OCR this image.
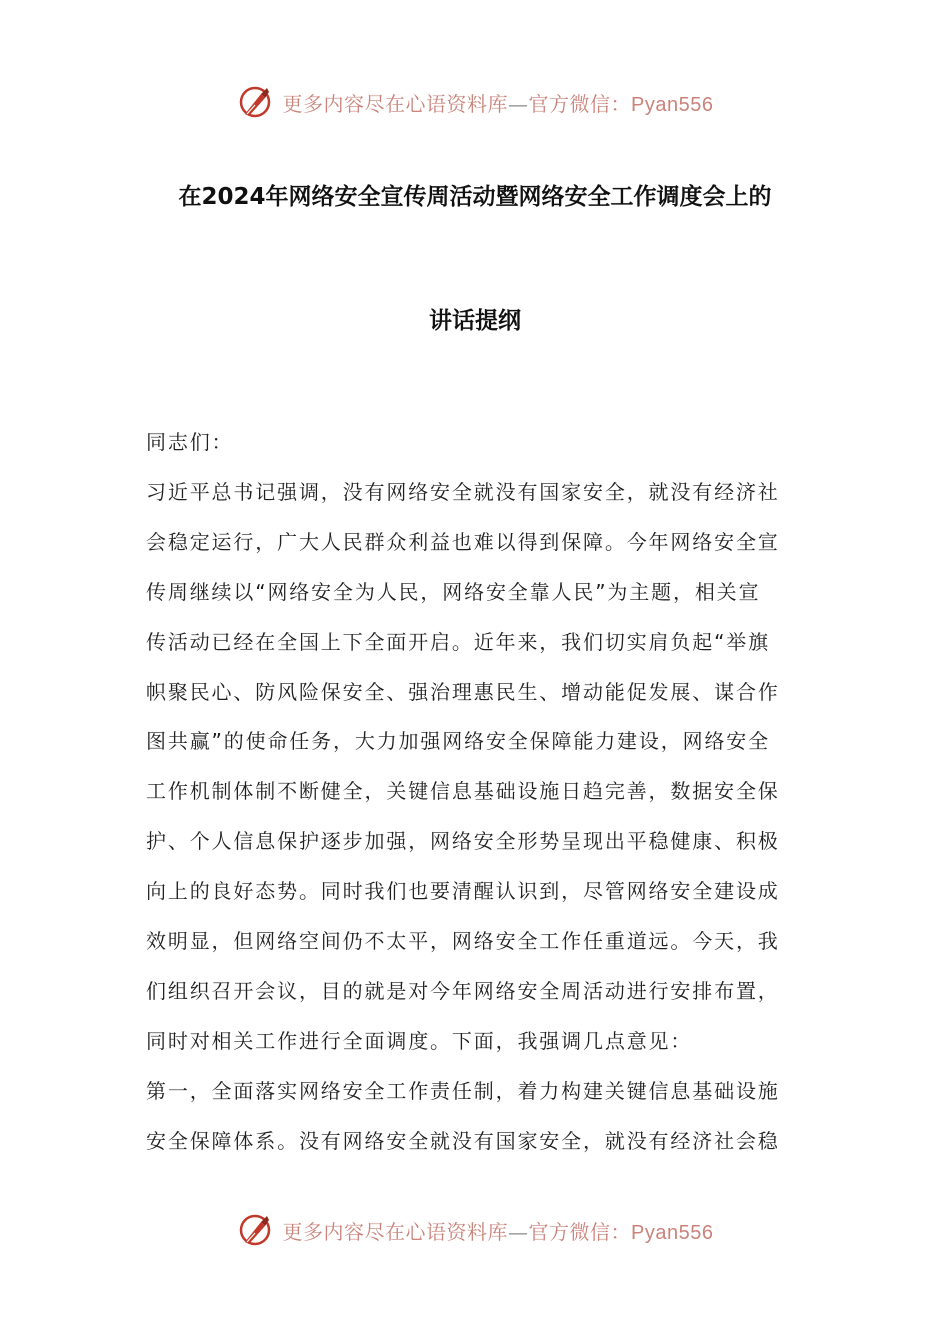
更多内容尽在心语资料库—官方微信：Pyan556
在2024年网络安全宣传周活动暨网络安全工作调度会上的
讲话提纲
同志们：
习近平总书记强调，没有网络安全就没有国家安全，就没有经济社
会稳定运行，广大人民群众利益也难以得到保障。今年网络安全宣
传周继续以“网络安全为人民，网络安全靠人民”为主题，相关宣
传活动已经在全国上下全面开启。近年来，我们切实肩负起“举旗
帜聚民心、防风险保安全、强治理惠民生、增动能促发展、谋合作
图共赢”的使命任务，大力加强网络安全保障能力建设，网络安全
工作机制体制不断健全，关键信息基础设施日趋完善，数据安全保
护、个人信息保护逐步加强，网络安全形势呈现出平稳健康、积极
向上的良好态势。同时我们也要清醒认识到，尽管网络安全建设成
效明显，但网络空间仍不太平，网络安全工作任重道远。今天，我
们组织召开会议，目的就是对今年网络安全周活动进行安排布置，
同时对相关工作进行全面调度。下面，我强调几点意见：
第一，全面落实网络安全工作责任制，着力构建关键信息基础设施
安全保障体系。没有网络安全就没有国家安全，就没有经济社会稳
更多内容尽在心语资料库—官方微信：Pyan556
